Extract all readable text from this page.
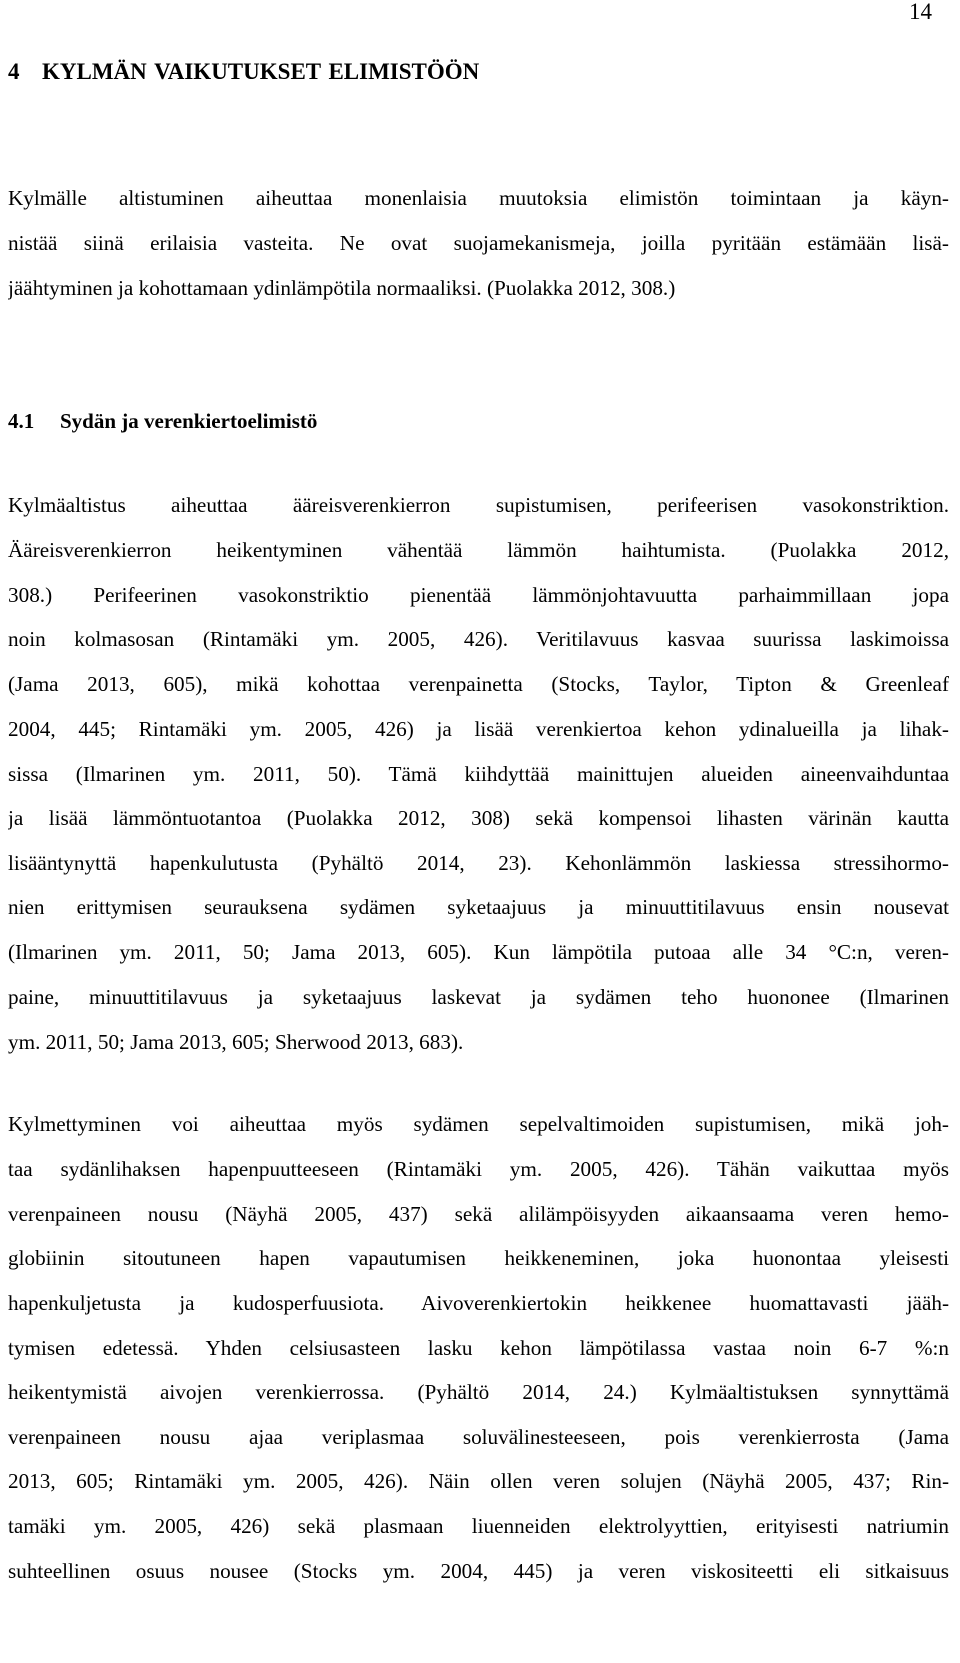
14
4 KYLMÄN VAIKUTUKSET ELIMISTÖÖN

Kylmälle altistuminen aiheuttaa monenlaisia muutoksia elimistön toimintaan ja käyn-

nistää siinä erilaisia vasteita. Ne ovat suojamekanismeja, joilla pyritään estämään lisä-

jäähtyminen ja kohottamaan ydinlämpötila normaaliksi. (Puolakka 2012, 308.)

4.1 Sydän ja verenkiertoelimistö

Kylmäaltistus aiheuttaa ääreisverenkierron supistumisen, perifeerisen vasokonstriktion.

Ääreisverenkierron heikentyminen vähentää lämmön haihtumista. (Puolakka 2012,

308.) Perifeerinen vasokonstriktio pienentää lämmönjohtavuutta parhaimmillaan jopa

noin kolmasosan (Rintamäki ym. 2005, 426). Veritilavuus kasvaa suurissa laskimoissa

(Jama 2013, 605), mikä kohottaa verenpainetta (Stocks, Taylor, Tipton & Greenleaf

2004, 445; Rintamäki ym. 2005, 426) ja lisää verenkiertoa kehon ydinalueilla ja lihak-

sissa (Ilmarinen ym. 2011, 50). Tämä kiihdyttää mainittujen alueiden aineenvaihduntaa

ja lisää lämmöntuotantoa (Puolakka 2012, 308) sekä kompensoi lihasten värinän kautta

lisääntynyttä hapenkulutusta (Pyhältö 2014, 23). Kehonlämmön laskiessa stressihormo-

nien erittymisen seurauksena sydämen syketaajuus ja minuuttitilavuus ensin nousevat

(Ilmarinen ym. 2011, 50; Jama 2013, 605). Kun lämpötila putoaa alle 34 °C:n, veren-

paine, minuuttitilavuus ja syketaajuus laskevat ja sydämen teho huononee (Ilmarinen

ym. 2011, 50; Jama 2013, 605; Sherwood 2013, 683).

Kylmettyminen voi aiheuttaa myös sydämen sepelvaltimoiden supistumisen, mikä joh-

taa sydänlihaksen hapenpuutteeseen (Rintamäki ym. 2005, 426). Tähän vaikuttaa myös

verenpaineen nousu (Näyhä 2005, 437) sekä alilämpöisyyden aikaansaama veren hemo-

globiinin sitoutuneen hapen vapautumisen heikkeneminen, joka huonontaa yleisesti

hapenkuljetusta ja kudosperfuusiota. Aivoverenkiertokin heikkenee huomattavasti jääh-

tymisen edetessä. Yhden celsiusasteen lasku kehon lämpötilassa vastaa noin 6-7 %:n

heikentymistä aivojen verenkierrossa. (Pyhältö 2014, 24.) Kylmäaltistuksen synnyttämä

verenpaineen nousu ajaa veriplasmaa soluvälinesteeseen, pois verenkierrosta (Jama

2013, 605; Rintamäki ym. 2005, 426). Näin ollen veren solujen (Näyhä 2005, 437; Rin-

tamäki ym. 2005, 426) sekä plasmaan liuenneiden elektrolyyttien, erityisesti natriumin

suhteellinen osuus nousee (Stocks ym. 2004, 445) ja veren viskositeetti eli sitkaisuus
